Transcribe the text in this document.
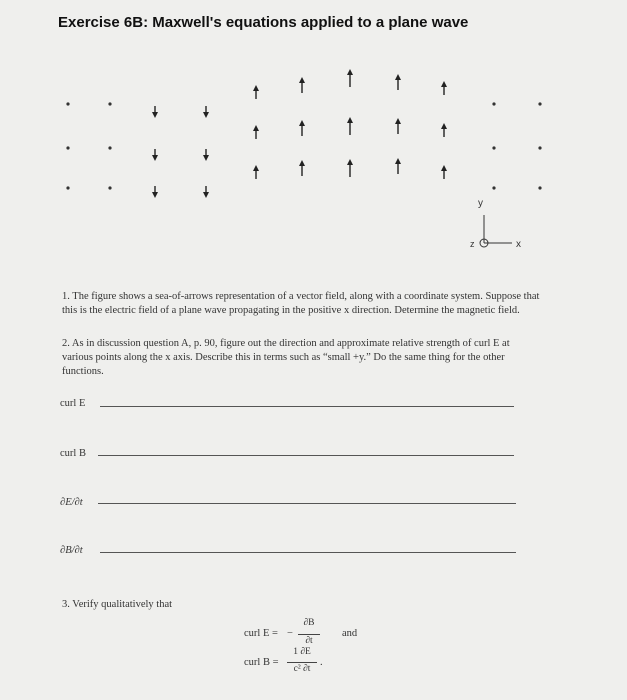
Exercise 6B: Maxwell's equations applied to a plane wave
y
x
z
1. The figure shows a sea-of-arrows representation of a vector field, along with a coordinate system. Suppose that this is the electric field of a plane wave propagating in the positive x direction. Determine the magnetic field.
2. As in discussion question A, p. 90, figure out the direction and approximate relative strength of curl E at various points along the x axis. Describe this in terms such as “small +y.” Do the same thing for the other functions.
curl E
curl B
∂E/∂t
∂B/∂t
3. Verify qualitatively that
curl E = −
∂B
∂t
and
curl B =
1 ∂E
c² ∂t
.
